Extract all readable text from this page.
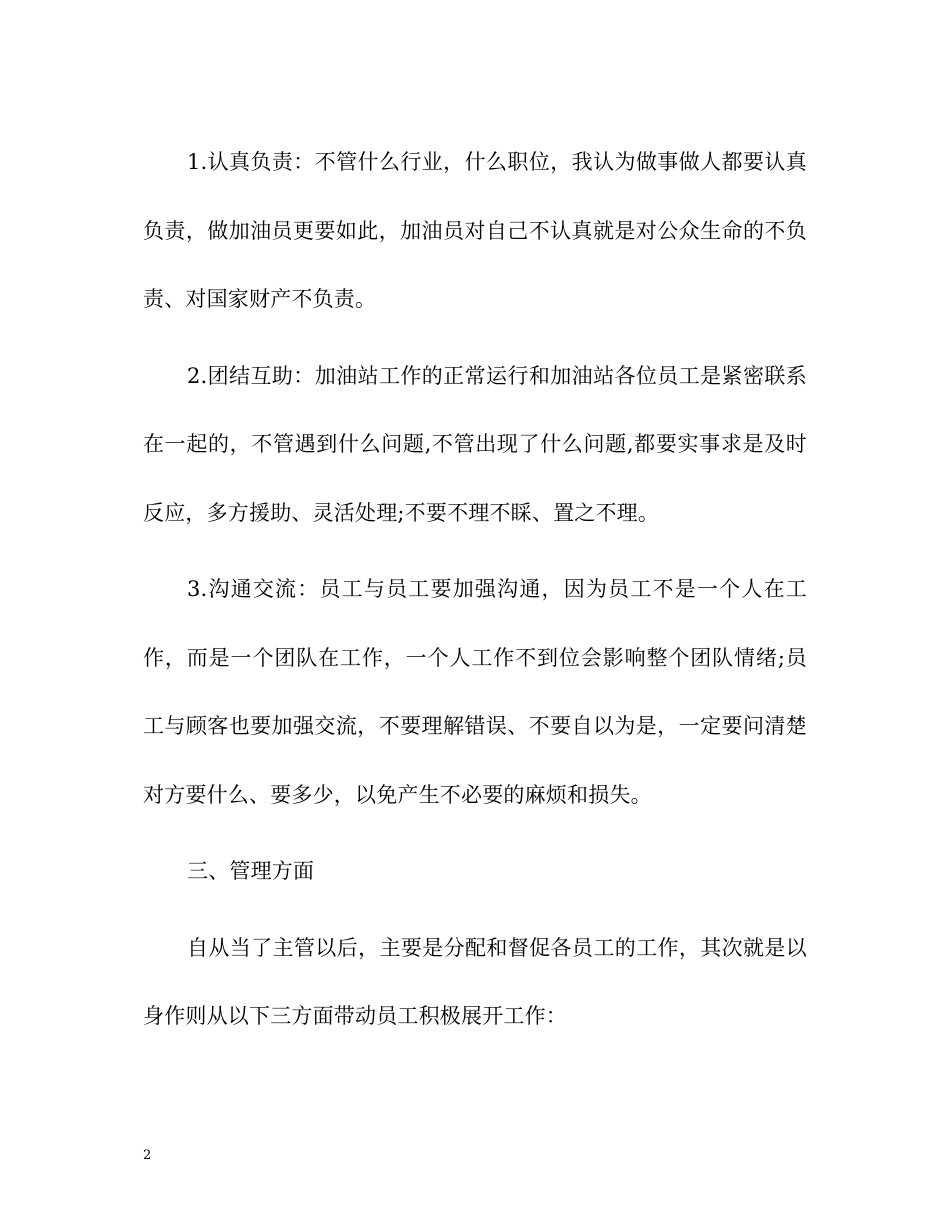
1.认真负责：不管什么行业，什么职位，我认为做事做人都要认真负责，做加油员更要如此，加油员对自己不认真就是对公众生命的不负责、对国家财产不负责。

2.团结互助：加油站工作的正常运行和加油站各位员工是紧密联系在一起的，不管遇到什么问题,不管出现了什么问题,都要实事求是及时反应，多方援助、灵活处理;不要不理不睬、置之不理。

3.沟通交流：员工与员工要加强沟通，因为员工不是一个人在工作，而是一个团队在工作，一个人工作不到位会影响整个团队情绪;员工与顾客也要加强交流，不要理解错误、不要自以为是，一定要问清楚对方要什么、要多少，以免产生不必要的麻烦和损失。

三、管理方面

自从当了主管以后，主要是分配和督促各员工的工作，其次就是以身作则从以下三方面带动员工积极展开工作：

2
